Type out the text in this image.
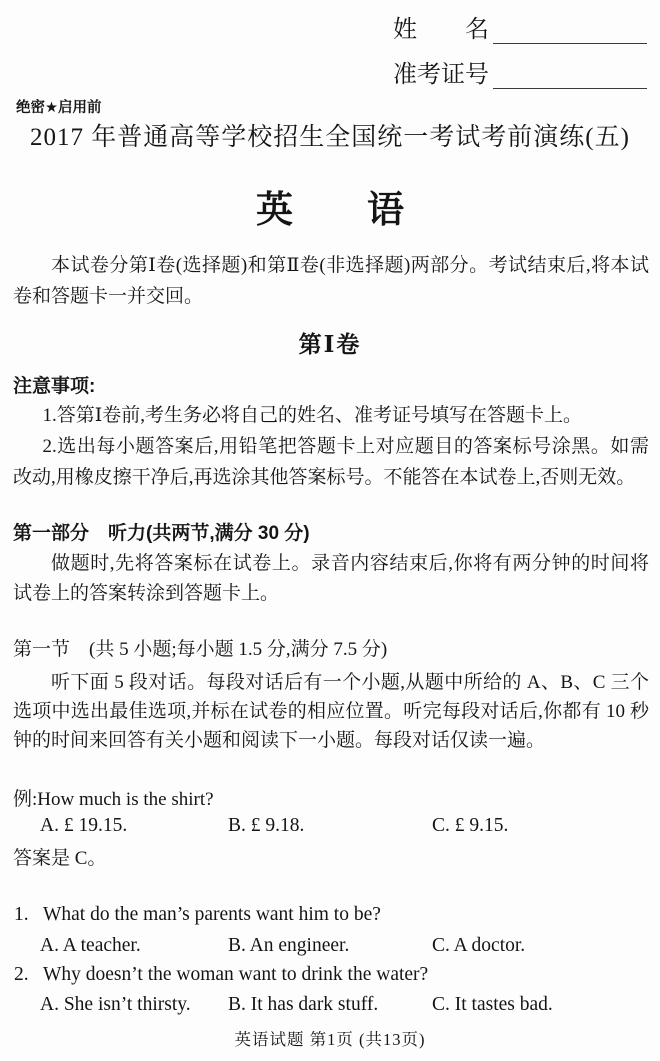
姓　　名
准考证号
绝密★启用前
2017 年普通高等学校招生全国统一考试考前演练(五)
英　　语
本试卷分第Ⅰ卷(选择题)和第Ⅱ卷(非选择题)两部分。考试结束后,将本试卷和答题卡一并交回。
第Ⅰ卷
注意事项:
1.答第Ⅰ卷前,考生务必将自己的姓名、准考证号填写在答题卡上。
2.选出每小题答案后,用铅笔把答题卡上对应题目的答案标号涂黑。如需改动,用橡皮擦干净后,再选涂其他答案标号。不能答在本试卷上,否则无效。
第一部分　听力(共两节,满分 30 分)
做题时,先将答案标在试卷上。录音内容结束后,你将有两分钟的时间将试卷上的答案转涂到答题卡上。
第一节　(共 5 小题;每小题 1.5 分,满分 7.5 分)
听下面 5 段对话。每段对话后有一个小题,从题中所给的 A、B、C 三个选项中选出最佳选项,并标在试卷的相应位置。听完每段对话后,你都有 10 秒钟的时间来回答有关小题和阅读下一小题。每段对话仅读一遍。
例:How much is the shirt?
A. £ 19.15.	B. £ 9.18.	C. £ 9.15.
答案是 C。
1. What do the man’s parents want him to be?
A. A teacher.	B. An engineer.	C. A doctor.
2. Why doesn’t the woman want to drink the water?
A. She isn’t thirsty.	B. It has dark stuff.	C. It tastes bad.
英语试题 第1页 (共13页)
